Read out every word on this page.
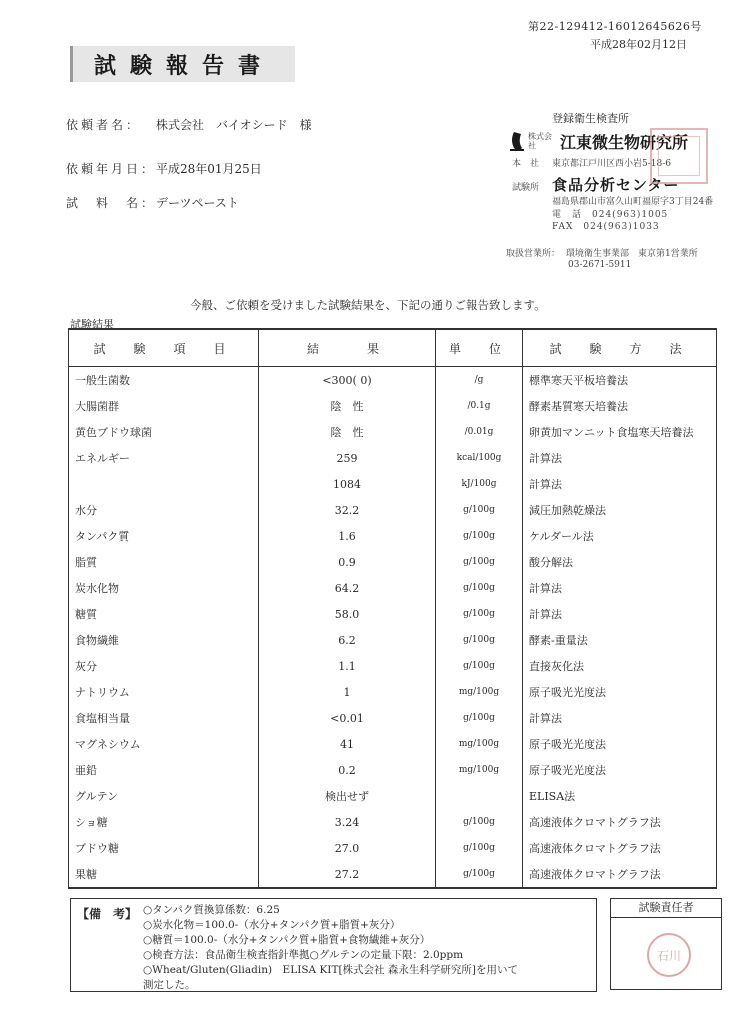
第22-129412-16012645626号
平成28年02月12日
試験報告書
依頼者名： 株式会社　バイオシード　様
依頼年月日： 平成28年01月25日
試　料　名： デーツペースト
登録衛生検査所
株式会社	江東微生物研究所
本　社 東京都江戸川区西小岩5-18-6
試験所 食品分析センター
福島県郡山市富久山町福原字3丁目24番
電　話　024(963)1005
FAX　024(963)1033
取扱営業所： 環境衛生事業部　東京第1営業所
03-2671-5911
今般、ご依頼を受けました試験結果を、下記の通りご報告致します。
試験結果
試　験　項　目	結　　果	単　位	試　験　方　法
一般生菌数	<300( 0)	/g	標準寒天平板培養法
大腸菌群	陰　性	/0.1g	酵素基質寒天培養法
黄色ブドウ球菌	陰　性	/0.01g	卵黄加マンニット食塩寒天培養法
エネルギー	259	kcal/100g	計算法
	1084	kJ/100g	計算法
水分	32.2	g/100g	減圧加熱乾燥法
タンパク質	1.6	g/100g	ケルダール法
脂質	0.9	g/100g	酸分解法
炭水化物	64.2	g/100g	計算法
糖質	58.0	g/100g	計算法
食物繊維	6.2	g/100g	酵素-重量法
灰分	1.1	g/100g	直接灰化法
ナトリウム	1	mg/100g	原子吸光光度法
食塩相当量	<0.01	g/100g	計算法
マグネシウム	41	mg/100g	原子吸光光度法
亜鉛	0.2	mg/100g	原子吸光光度法
グルテン	検出せず		ELISA法
ショ糖	3.24	g/100g	高速液体クロマトグラフ法
ブドウ糖	27.0	g/100g	高速液体クロマトグラフ法
果糖	27.2	g/100g	高速液体クロマトグラフ法
【備　考】 ○タンパク質換算係数：6.25
○炭水化物＝100.0-（水分+タンパク質+脂質+灰分）
○糖質＝100.0-（水分+タンパク質+脂質+食物繊維+灰分）
○検査方法：食品衛生検査指針準拠○グルテンの定量下限：2.0ppm
○Wheat/Gluten(Gliadin)　ELISA KIT[株式会社 森永生科学研究所]を用いて
測定した。
試験責任者
石川
